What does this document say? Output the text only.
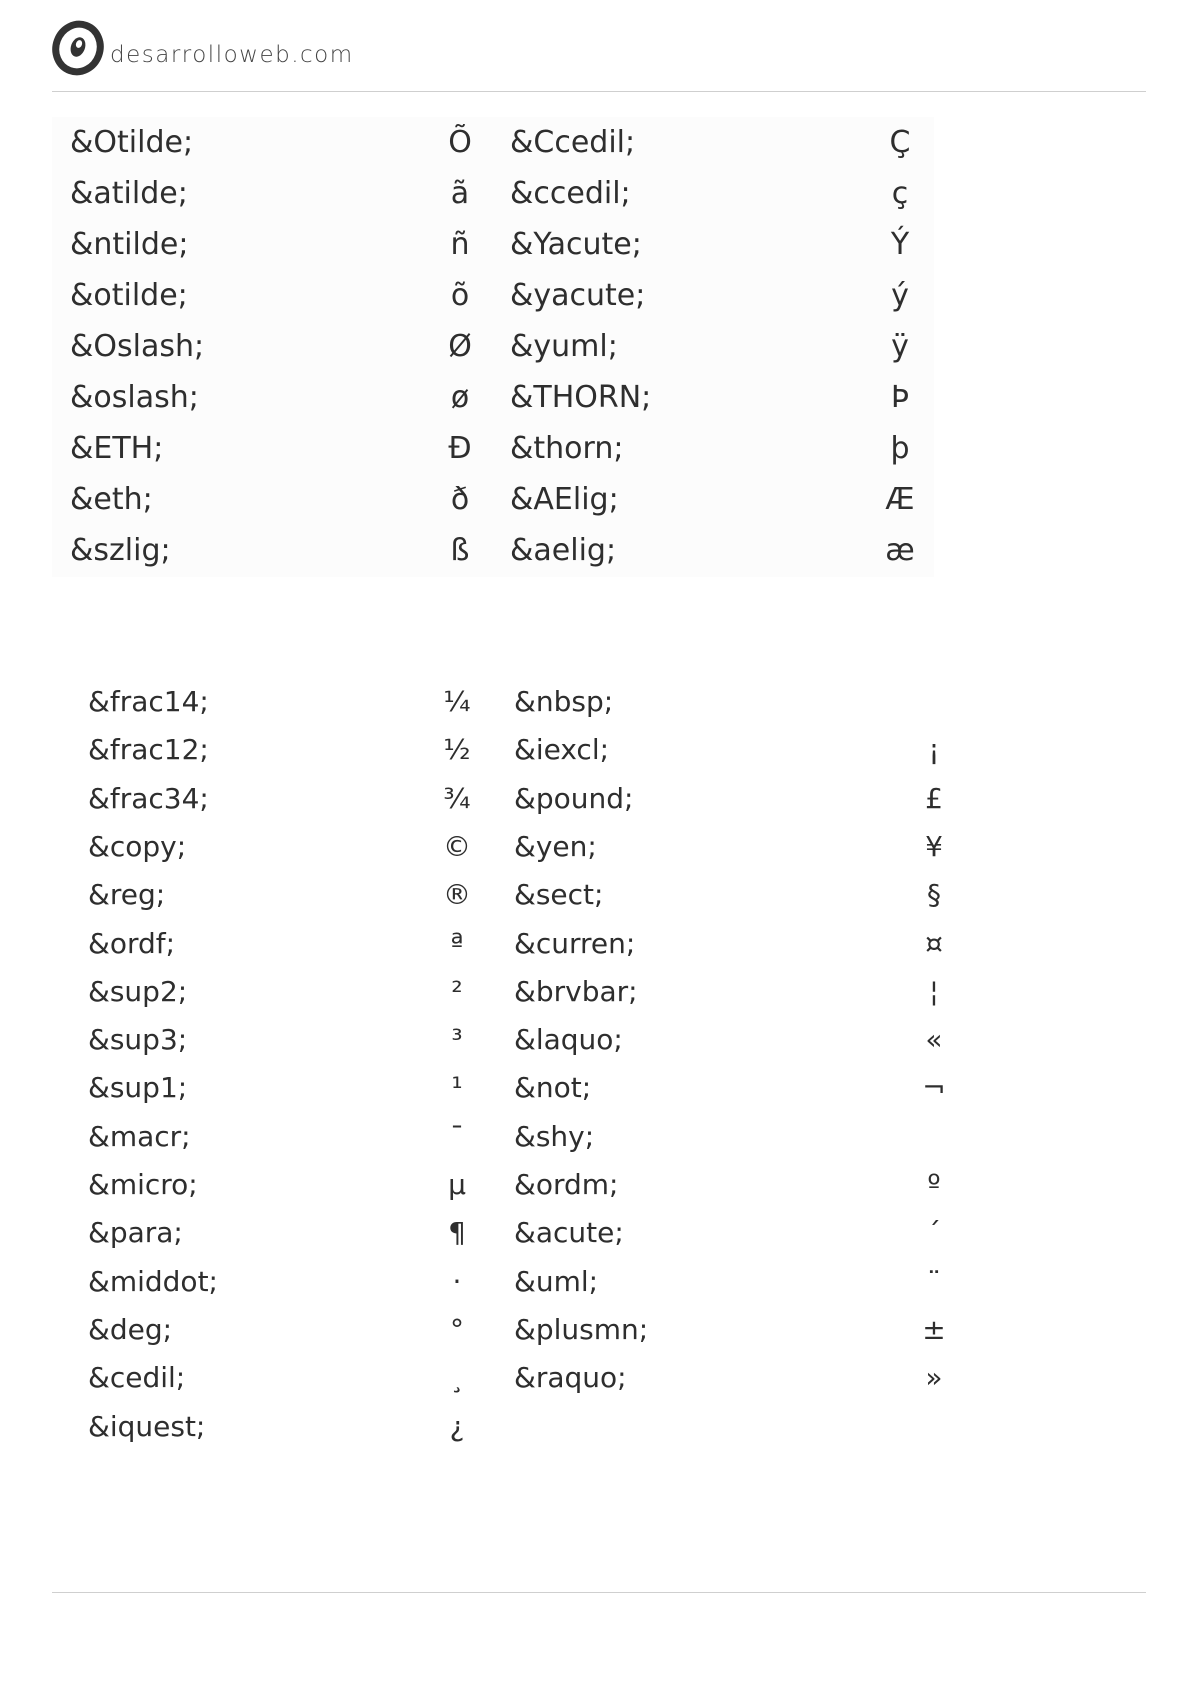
desarrolloweb.com
&Otilde;	Õ	&Ccedil;	Ç
&atilde;	ã	&ccedil;	ç
&ntilde;	ñ	&Yacute;	Ý
&otilde;	õ	&yacute;	ý
&Oslash;	Ø	&yuml;	ÿ
&oslash;	ø	&THORN;	Þ
&ETH;	Ð	&thorn;	þ
&eth;	ð	&AElig;	Æ
&szlig;	ß	&aelig;	æ
&frac14;	¼	&nbsp;
&frac12;	½	&iexcl;	¡
&frac34;	¾	&pound;	£
&copy;	©	&yen;	¥
&reg;	®	&sect;	§
&ordf;	ª	&curren;	¤
&sup2;	²	&brvbar;	¦
&sup3;	³	&laquo;	«
&sup1;	¹	&not;	¬
&macr;	¯	&shy;
&micro;	µ	&ordm;	º
&para;	¶	&acute;	´
&middot;	·	&uml;	¨
&deg;	°	&plusmn;	±
&cedil;	¸	&raquo;	»
&iquest;	¿
